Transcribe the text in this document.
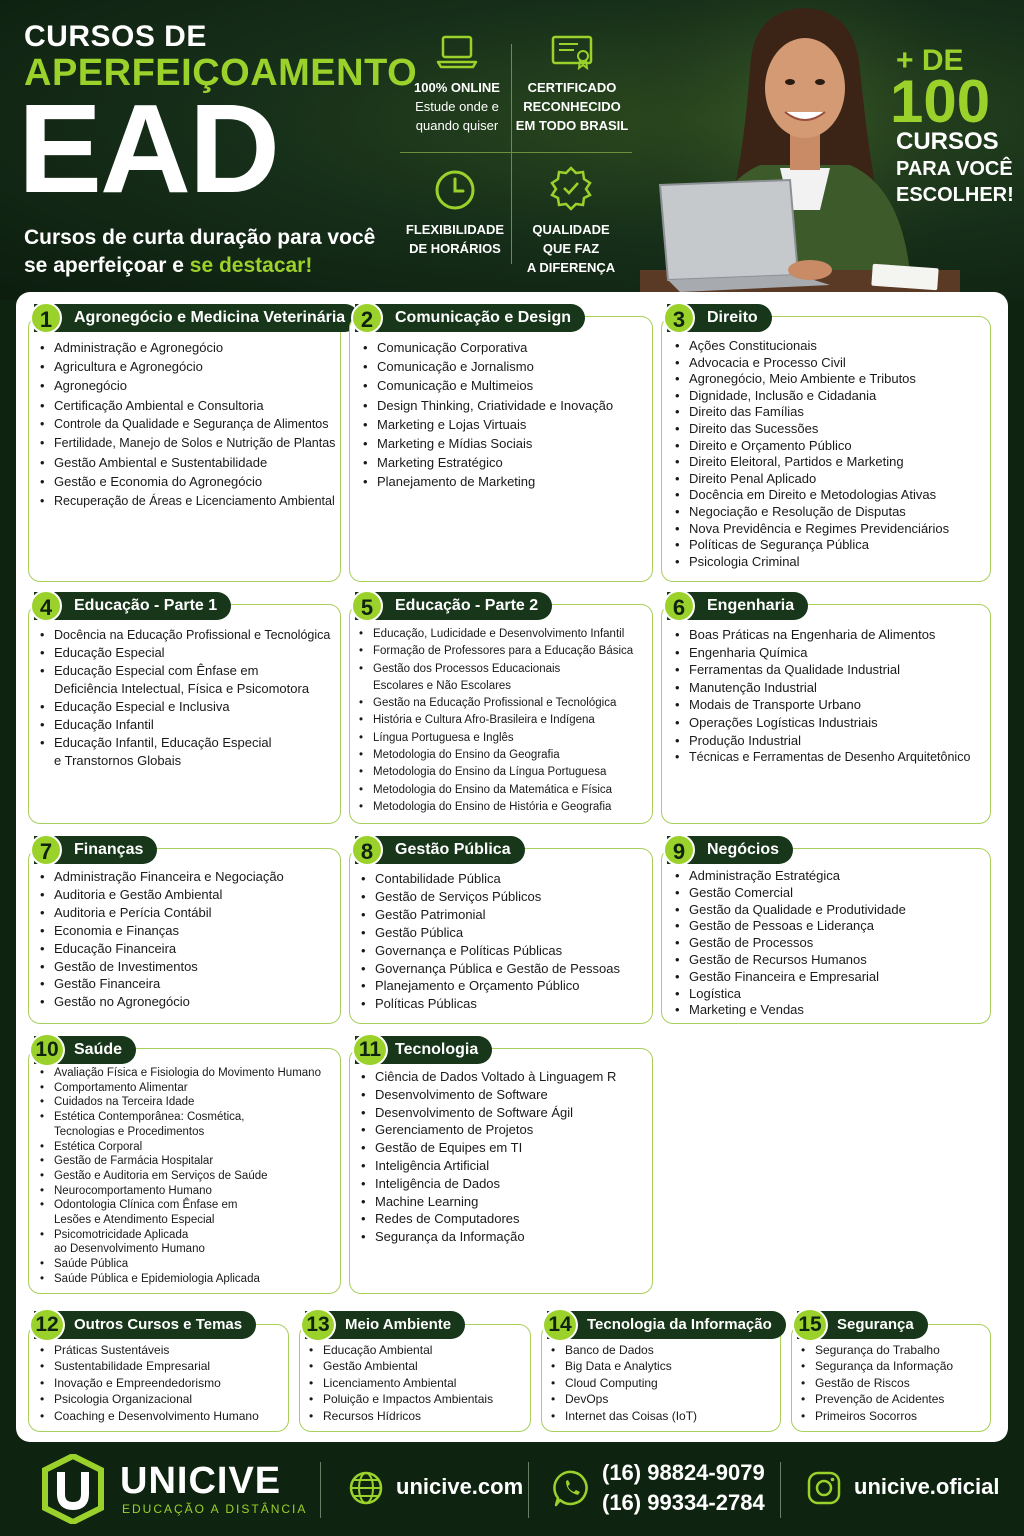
CURSOS DE
APERFEIÇOAMENTO
EAD
Cursos de curta duração para você se aperfeiçoar e se destacar!
100% ONLINE
Estude onde e
quando quiser
CERTIFICADO
RECONHECIDO
EM TODO BRASIL
FLEXIBILIDADE
DE HORÁRIOS
QUALIDADE
QUE FAZ
A DIFERENÇA
+ DE
100
CURSOS
PARA VOCÊ ESCOLHER!
Agronegócio e Medicina Veterinária
1
• Administração e Agronegócio
• Agricultura e Agronegócio
• Agronegócio
• Certificação Ambiental e Consultoria
• Controle da Qualidade e Segurança de Alimentos
• Fertilidade, Manejo de Solos e Nutrição de Plantas
• Gestão Ambiental e Sustentabilidade
• Gestão e Economia do Agronegócio
• Recuperação de Áreas e Licenciamento Ambiental
Comunicação e Design
2
• Comunicação Corporativa
• Comunicação e Jornalismo
• Comunicação e Multimeios
• Design Thinking, Criatividade e Inovação
• Marketing e Lojas Virtuais
• Marketing e Mídias Sociais
• Marketing Estratégico
• Planejamento de Marketing
Direito
3
• Ações Constitucionais
• Advocacia e Processo Civil
• Agronegócio, Meio Ambiente e Tributos
• Dignidade, Inclusão e Cidadania
• Direito das Famílias
• Direito das Sucessões
• Direito e Orçamento Público
• Direito Eleitoral, Partidos e Marketing
• Direito Penal Aplicado
• Docência em Direito e Metodologias Ativas
• Negociação e Resolução de Disputas
• Nova Previdência e Regimes Previdenciários
• Políticas de Segurança Pública
• Psicologia Criminal
Educação - Parte 1
4
• Docência na Educação Profissional e Tecnológica
• Educação Especial
• Educação Especial com Ênfase em
Deficiência Intelectual, Física e Psicomotora
• Educação Especial e Inclusiva
• Educação Infantil
• Educação Infantil, Educação Especial
e Transtornos Globais
Educação - Parte 2
5
• Educação, Ludicidade e Desenvolvimento Infantil
• Formação de Professores para a Educação Básica
• Gestão dos Processos Educacionais
Escolares e Não Escolares
• Gestão na Educação Profissional e Tecnológica
• História e Cultura Afro-Brasileira e Indígena
• Língua Portuguesa e Inglês
• Metodologia do Ensino da Geografia
• Metodologia do Ensino da Língua Portuguesa
• Metodologia do Ensino da Matemática e Física
• Metodologia do Ensino de História e Geografia
Engenharia
6
• Boas Práticas na Engenharia de Alimentos
• Engenharia Química
• Ferramentas da Qualidade Industrial
• Manutenção Industrial
• Modais de Transporte Urbano
• Operações Logísticas Industriais
• Produção Industrial
• Técnicas e Ferramentas de Desenho Arquitetônico
Finanças
7
• Administração Financeira e Negociação
• Auditoria e Gestão Ambiental
• Auditoria e Perícia Contábil
• Economia e Finanças
• Educação Financeira
• Gestão de Investimentos
• Gestão Financeira
• Gestão no Agronegócio
Gestão Pública
8
• Contabilidade Pública
• Gestão de Serviços Públicos
• Gestão Patrimonial
• Gestão Pública
• Governança e Políticas Públicas
• Governança Pública e Gestão de Pessoas
• Planejamento e Orçamento Público
• Políticas Públicas
Negócios
9
• Administração Estratégica
• Gestão Comercial
• Gestão da Qualidade e Produtividade
• Gestão de Pessoas e Liderança
• Gestão de Processos
• Gestão de Recursos Humanos
• Gestão Financeira e Empresarial
• Logística
• Marketing e Vendas
Saúde
10
• Avaliação Física e Fisiologia do Movimento Humano
• Comportamento Alimentar
• Cuidados na Terceira Idade
• Estética Contemporânea: Cosmética,
Tecnologias e Procedimentos
• Estética Corporal
• Gestão de Farmácia Hospitalar
• Gestão e Auditoria em Serviços de Saúde
• Neurocomportamento Humano
• Odontologia Clínica com Ênfase em
Lesões e Atendimento Especial
• Psicomotricidade Aplicada
ao Desenvolvimento Humano
• Saúde Pública
• Saúde Pública e Epidemiologia Aplicada
Tecnologia
11
• Ciência de Dados Voltado à Linguagem R
• Desenvolvimento de Software
• Desenvolvimento de Software Ágil
• Gerenciamento de Projetos
• Gestão de Equipes em TI
• Inteligência Artificial
• Inteligência de Dados
• Machine Learning
• Redes de Computadores
• Segurança da Informação
Outros Cursos e Temas
12
• Práticas Sustentáveis
• Sustentabilidade Empresarial
• Inovação e Empreendedorismo
• Psicologia Organizacional
• Coaching e Desenvolvimento Humano
Meio Ambiente
13
• Educação Ambiental
• Gestão Ambiental
• Licenciamento Ambiental
• Poluição e Impactos Ambientais
• Recursos Hídricos
Tecnologia da Informação
14
• Banco de Dados
• Big Data e Analytics
• Cloud Computing
• DevOps
• Internet das Coisas (IoT)
Segurança
15
• Segurança do Trabalho
• Segurança da Informação
• Gestão de Riscos
• Prevenção de Acidentes
• Primeiros Socorros
UNICIVE
EDUCAÇÃO A DISTÂNCIA
unicive.com
(16) 98824-9079
(16) 99334-2784
unicive.oficial
